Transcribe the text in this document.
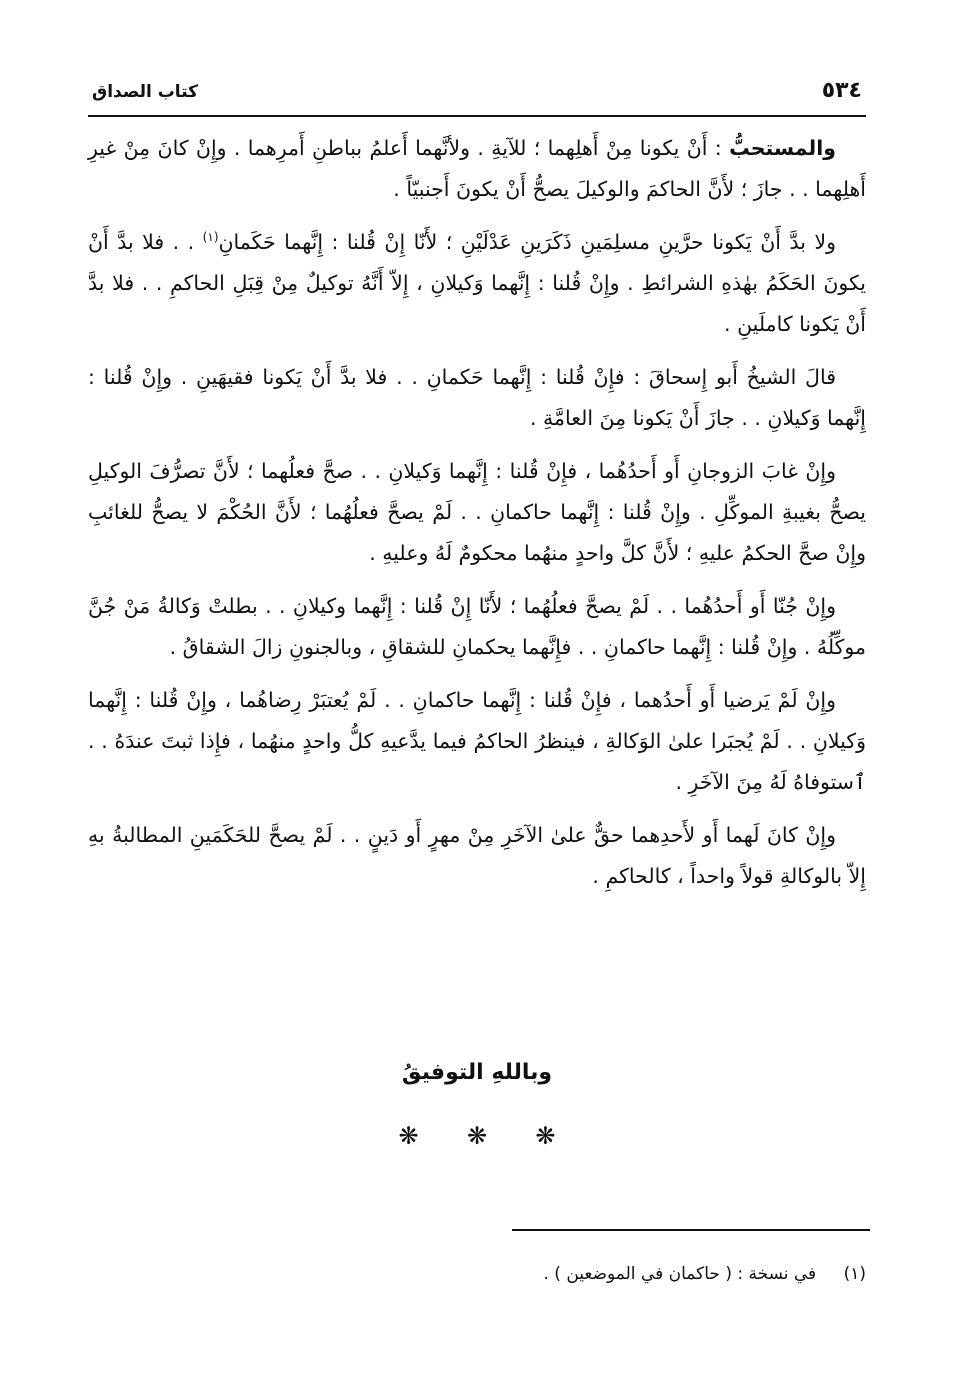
٥٣٤
كتاب الصداق

والمستحبُّ : أَنْ يكونا مِنْ أَهلِهما ؛ للآيةِ . ولأنَّهما أَعلمُ بباطنِ أَمرِهما . وإِنْ كانَ مِنْ غيرِ أَهلِهما . . جازَ ؛ لأَنَّ الحاكمَ والوكيلَ يصحُّ أَنْ يكونَ أَجنبيّاً .

ولا بدَّ أَنْ يَكونا حرَّينِ مسلِمَينِ ذَكَرَينِ عَدْلَيْنِ ؛ لأَنّا إِنْ قُلنا : إِنَّهما حَكَمانِ$^{(١)}$ . . فلا بدَّ أَنْ يكونَ الحَكَمُ بهٰذهِ الشرائطِ . وإِنْ قُلنا : إِنَّهما وَكيلانِ ، إِلاّ أَنَّهُ توكيلٌ مِنْ قِبَلِ الحاكمِ . . فلا بدَّ أَنْ يَكونا كاملَينِ .

قالَ الشيخُ أَبو إِسحاقَ : فإِنْ قُلنا : إِنَّهما حَكمانِ . . فلا بدَّ أَنْ يَكونا فقيهَينِ . وإِنْ قُلنا : إِنَّهما وَكيلانِ . . جازَ أَنْ يَكونا مِنَ العامَّةِ .

وإِنْ غابَ الزوجانِ أَو أَحدُهُما ، فإِنْ قُلنا : إِنَّهما وَكيلانِ . . صحَّ فعلُهما ؛ لأَنَّ تصرُّفَ الوكيلِ يصحُّ بغيبةِ الموكِّلِ . وإِنْ قُلنا : إِنَّهما حاكمانِ . . لَمْ يصحَّ فعلُهُما ؛ لأَنَّ الحُكْمَ لا يصحُّ للغائبِ وإِنْ صحَّ الحكمُ عليهِ ؛ لأَنَّ كلَّ واحدٍ منهُما محكومٌ لَهُ وعليهِ .

وإِنْ جُنّا أَو أَحدُهُما . . لَمْ يصحَّ فعلُهُما ؛ لأَنّا إِنْ قُلنا : إِنَّهما وكيلانِ . . بطلتْ وَكالةُ مَنْ جُنَّ موكِّلُهُ . وإِنْ قُلنا : إِنَّهما حاكمانِ . . فإِنَّهما يحكمانِ للشقاقِ ، وبالجنونِ زالَ الشقاقُ .

وإِنْ لَمْ يَرضيا أَو أَحدُهما ، فإِنْ قُلنا : إِنَّهما حاكمانِ . . لَمْ يُعتبَرْ رِضاهُما ، وإِنْ قُلنا : إِنَّهما وَكيلانِ . . لَمْ يُجبَرا علىٰ الوَكالةِ ، فينظرُ الحاكمُ فيما يدَّعيهِ كلُّ واحدٍ منهُما ، فإِذا ثبتَ عندَهُ . . ٱستوفاهُ لَهُ مِنَ الآخَرِ .

وإِنْ كانَ لَهما أَو لأَحدِهما حقٌّ علىٰ الآخَرِ مِنْ مهرٍ أَو دَينٍ . . لَمْ يصحَّ للحَكَمَينِ المطالبةُ بهِ إِلاّ بالوكالةِ قولاً واحداً ، كالحاكمِ .

وباللهِ التوفيقُ
❋ ❋ ❋
(١) في نسخة : ( حاكمان في الموضعين ) .
